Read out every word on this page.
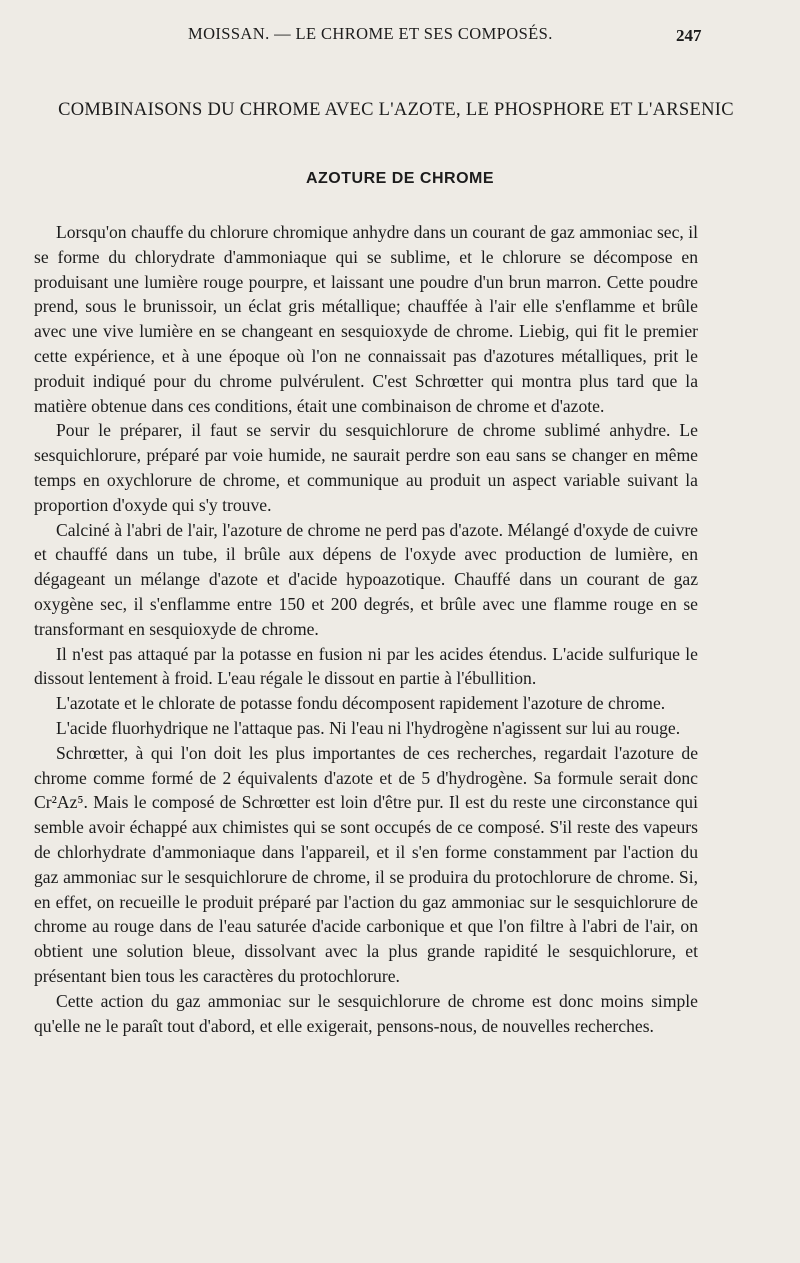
MOISSAN. — LE CHROME ET SES COMPOSÉS.	247
COMBINAISONS DU CHROME AVEC L'AZOTE, LE PHOSPHORE ET L'ARSENIC
AZOTURE DE CHROME

Lorsqu'on chauffe du chlorure chromique anhydre dans un courant de gaz ammoniac sec, il se forme du chlorydrate d'ammoniaque qui se sublime, et le chlorure se décompose en produisant une lumière rouge pourpre, et laissant une poudre d'un brun marron. Cette poudre prend, sous le brunissoir, un éclat gris métallique; chauffée à l'air elle s'enflamme et brûle avec une vive lumière en se changeant en sesquioxyde de chrome. Liebig, qui fit le premier cette expérience, et à une époque où l'on ne connaissait pas d'azotures métalliques, prit le produit indiqué pour du chrome pulvérulent. C'est Schrœtter qui montra plus tard que la matière obtenue dans ces conditions, était une combinaison de chrome et d'azote.

Pour le préparer, il faut se servir du sesquichlorure de chrome sublimé anhydre. Le sesquichlorure, préparé par voie humide, ne saurait perdre son eau sans se changer en même temps en oxychlorure de chrome, et communique au produit un aspect variable suivant la proportion d'oxyde qui s'y trouve.

Calciné à l'abri de l'air, l'azoture de chrome ne perd pas d'azote. Mélangé d'oxyde de cuivre et chauffé dans un tube, il brûle aux dépens de l'oxyde avec production de lumière, en dégageant un mélange d'azote et d'acide hypoazotique. Chauffé dans un courant de gaz oxygène sec, il s'enflamme entre 150 et 200 degrés, et brûle avec une flamme rouge en se transformant en sesquioxyde de chrome.

Il n'est pas attaqué par la potasse en fusion ni par les acides étendus. L'acide sulfurique le dissout lentement à froid. L'eau régale le dissout en partie à l'ébullition.

L'azotate et le chlorate de potasse fondu décomposent rapidement l'azoture de chrome.

L'acide fluorhydrique ne l'attaque pas. Ni l'eau ni l'hydrogène n'agissent sur lui au rouge.

Schrœtter, à qui l'on doit les plus importantes de ces recherches, regardait l'azoture de chrome comme formé de 2 équivalents d'azote et de 5 d'hydrogène. Sa formule serait donc Cr²Az⁵. Mais le composé de Schrœtter est loin d'être pur. Il est du reste une circonstance qui semble avoir échappé aux chimistes qui se sont occupés de ce composé. S'il reste des vapeurs de chlorhydrate d'ammoniaque dans l'appareil, et il s'en forme constamment par l'action du gaz ammoniac sur le sesquichlorure de chrome, il se produira du protochlorure de chrome. Si, en effet, on recueille le produit préparé par l'action du gaz ammoniac sur le sesquichlorure de chrome au rouge dans de l'eau saturée d'acide carbonique et que l'on filtre à l'abri de l'air, on obtient une solution bleue, dissolvant avec la plus grande rapidité le sesquichlorure, et présentant bien tous les caractères du protochlorure.

Cette action du gaz ammoniac sur le sesquichlorure de chrome est donc moins simple qu'elle ne le paraît tout d'abord, et elle exigerait, pensons-nous, de nouvelles recherches.
